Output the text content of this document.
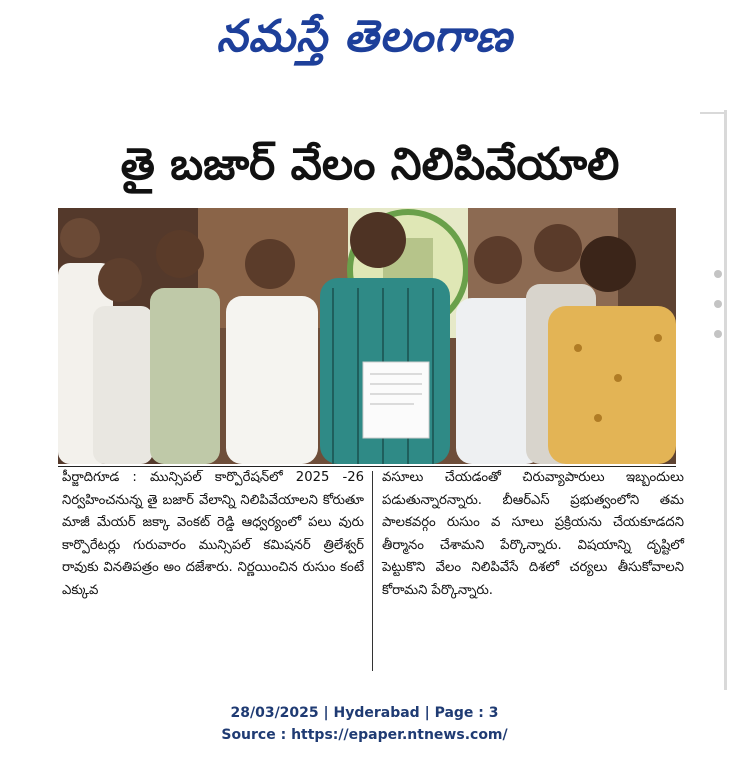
నమస్తే తెలంగాణ
తై బజార్ వేలం నిలిపివేయాలి

పీర్జాదిగూడ : మున్సిపల్ కార్పొరేషన్‌లో 2025 -26 నిర్వహించనున్న తై బజార్ వేలాన్ని నిలిపివేయాలని కోరుతూ మాజీ మేయర్ జక్కా వెంకట్ రెడ్డి ఆధ్వర్యంలో పలు వురు కార్పొరేటర్లు గురువారం మున్సిపల్ కమిషనర్ త్రిలేశ్వర్ రావుకు వినతిపత్రం అం దజేశారు. నిర్ణయించిన రుసుం కంటే ఎక్కువ

వసూలు చేయడంతో చిరువ్యాపారులు ఇబ్బందులు పడుతున్నారన్నారు. బీఆర్ఎస్ ప్రభుత్వంలోని తమ పాలకవర్గం రుసుం వ సూలు ప్రక్రియను చేయకూడదని తీర్మానం చేశామని పేర్కొన్నారు. విషయాన్ని దృష్టిలో పెట్టుకొని వేలం నిలిపివేసే దిశలో చర్యలు తీసుకోవాలని కోరామని పేర్కొన్నారు.

28/03/2025 | Hyderabad | Page : 3
Source : https://epaper.ntnews.com/
